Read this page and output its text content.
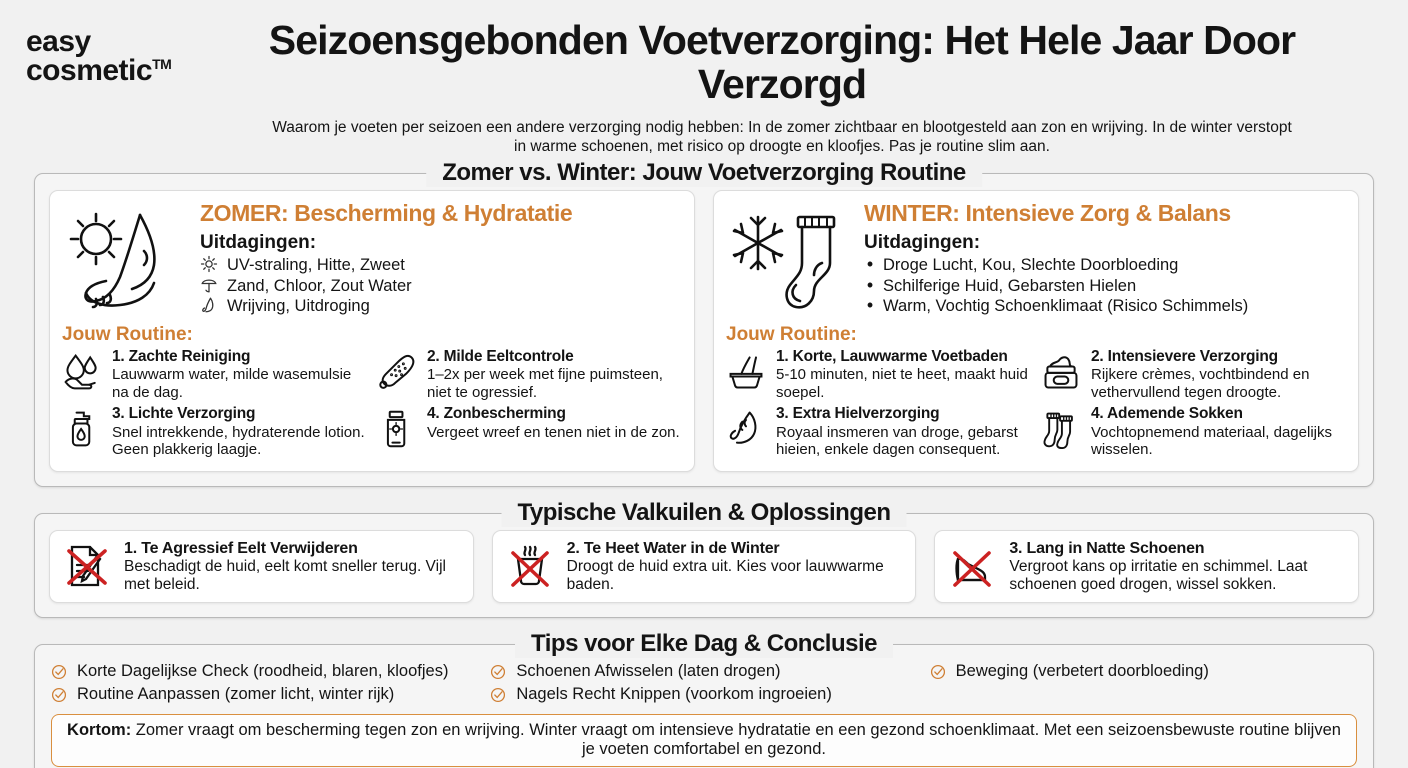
easy
cosmetic™
Seizoensgebonden Voetverzorging: Het Hele Jaar Door Verzorgd
Waarom je voeten per seizoen een andere verzorging nodig hebben: In de zomer zichtbaar en blootgesteld aan zon en wrijving. In de winter verstopt in warme schoenen, met risico op droogte en kloofjes. Pas je routine slim aan.
Zomer vs. Winter: Jouw Voetverzorging Routine
ZOMER: Bescherming & Hydratatie
Uitdagingen:
UV-straling, Hitte, Zweet
Zand, Chloor, Zout Water
Wrijving, Uitdroging
Jouw Routine:
1. Zachte Reiniging
Lauwwarm water, milde wasemulsie na de dag.
2. Milde Eeltcontrole
1–2x per week met fijne puimsteen, niet te ogressief.
3. Lichte Verzorging
Snel intrekkende, hydraterende lotion. Geen plakkerig laagje.
4. Zonbescherming
Vergeet wreef en tenen niet in de zon.
WINTER: Intensieve Zorg & Balans
Uitdagingen:
• Droge Lucht, Kou, Slechte Doorbloeding
• Schilferige Huid, Gebarsten Hielen
• Warm, Vochtig Schoenklimaat (Risico Schimmels)
Jouw Routine:
1. Korte, Lauwwarme Voetbaden
5-10 minuten, niet te heet, maakt huid soepel.
2. Intensievere Verzorging
Rijkere crèmes, vochtbindend en vethervullend tegen droogte.
3. Extra Hielverzorging
Royaal insmeren van droge, gebarst hieien, enkele dagen consequent.
4. Ademende Sokken
Vochtopnemend materiaal, dagelijks wisselen.
Typische Valkuilen & Oplossingen
1. Te Agressief Eelt Verwijderen
Beschadigt de huid, eelt komt sneller terug. Vijl met beleid.
2. Te Heet Water in de Winter
Droogt de huid extra uit. Kies voor lauwwarme baden.
3. Lang in Natte Schoenen
Vergroot kans op irritatie en schimmel. Laat schoenen goed drogen, wissel sokken.
Tips voor Elke Dag & Conclusie
Korte Dagelijkse Check (roodheid, blaren, kloofjes)	Schoenen Afwisselen (laten drogen)	Beweging (verbetert doorbloeding)
Routine Aanpassen (zomer licht, winter rijk)	Nagels Recht Knippen (voorkom ingroeien)
Kortom: Zomer vraagt om bescherming tegen zon en wrijving. Winter vraagt om intensieve hydratatie en een gezond schoenklimaat. Met een seizoensbewuste routine blijven je voeten comfortabel en gezond.
